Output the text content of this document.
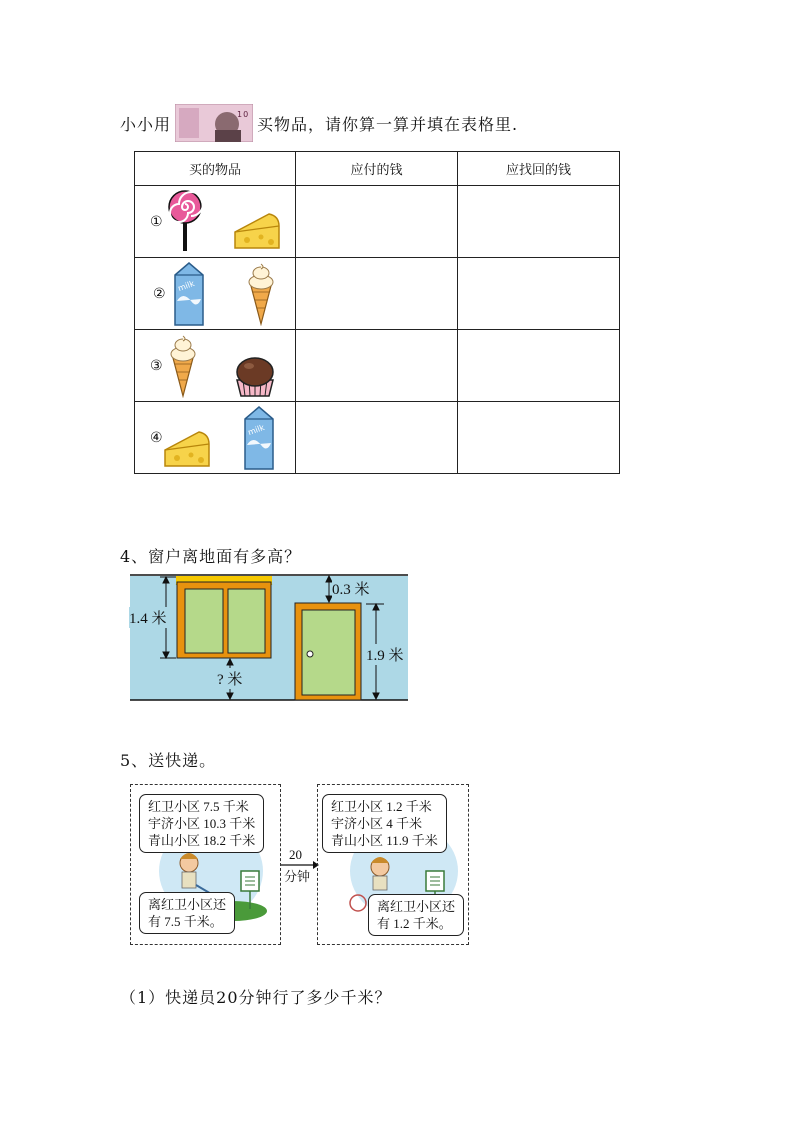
小小用	10 买物品，请你算一算并填在表格里.
买的物品	应付的钱	应找回的钱

①		

② milk		

③		

④ milk		

4、窗户离地面有多高？
1.4 米
0.3 米
1.9 米
? 米
5、送快递。
红卫小区 7.5 千米
宇济小区 10.3 千米
青山小区 18.2 千米
离红卫小区还
有 7.5 千米。
20
分钟
红卫小区 1.2 千米
宇济小区 4 千米
青山小区 11.9 千米
离红卫小区还
有 1.2 千米。
（1）快递员20分钟行了多少千米？
